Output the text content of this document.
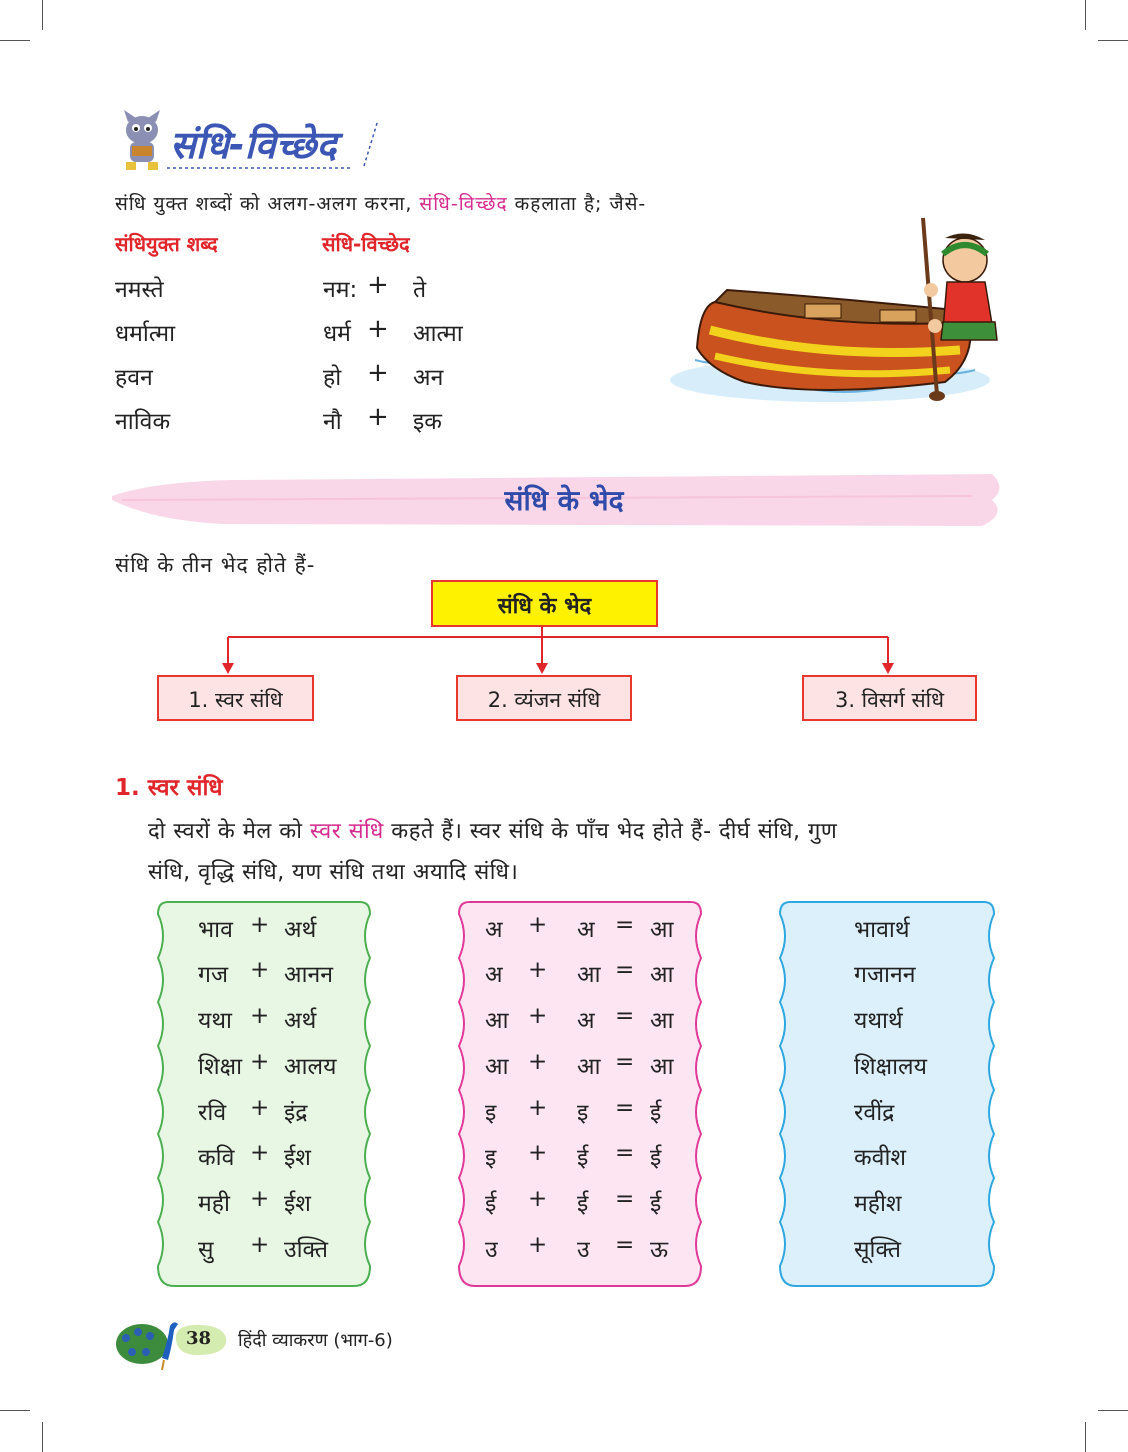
संधि-विच्छेद
संधि युक्त शब्दों को अलग-अलग करना, संधि-विच्छेद कहलाता है; जैसे-
संधियुक्त शब्द	संधि-विच्छेद
नमस्ते	नम: + ते
धर्मात्मा	धर्म + आत्मा
हवन	हो + अन
नाविक	नौ + इक
संधि के भेद
संधि के तीन भेद होते हैं-
संधि के भेद
1. स्वर संधि	2. व्यंजन संधि	3. विसर्ग संधि
1. स्वर संधि
दो स्वरों के मेल को स्वर संधि कहते हैं। स्वर संधि के पाँच भेद होते हैं- दीर्घ संधि, गुण
संधि, वृद्धि संधि, यण संधि तथा अयादि संधि।
भाव + अर्थ
गज + आनन
यथा + अर्थ
शिक्षा + आलय
रवि + इंद्र
कवि + ईश
मही + ईश
सु + उक्ति
अ + अ = आ
अ + आ = आ
आ + अ = आ
आ + आ = आ
इ + इ = ई
इ + ई = ई
ई + ई = ई
उ + उ = ऊ
भावार्थ
गजानन
यथार्थ
शिक्षालय
रवींद्र
कवीश
महीश
सूक्ति
38 हिंदी व्याकरण (भाग-6)
